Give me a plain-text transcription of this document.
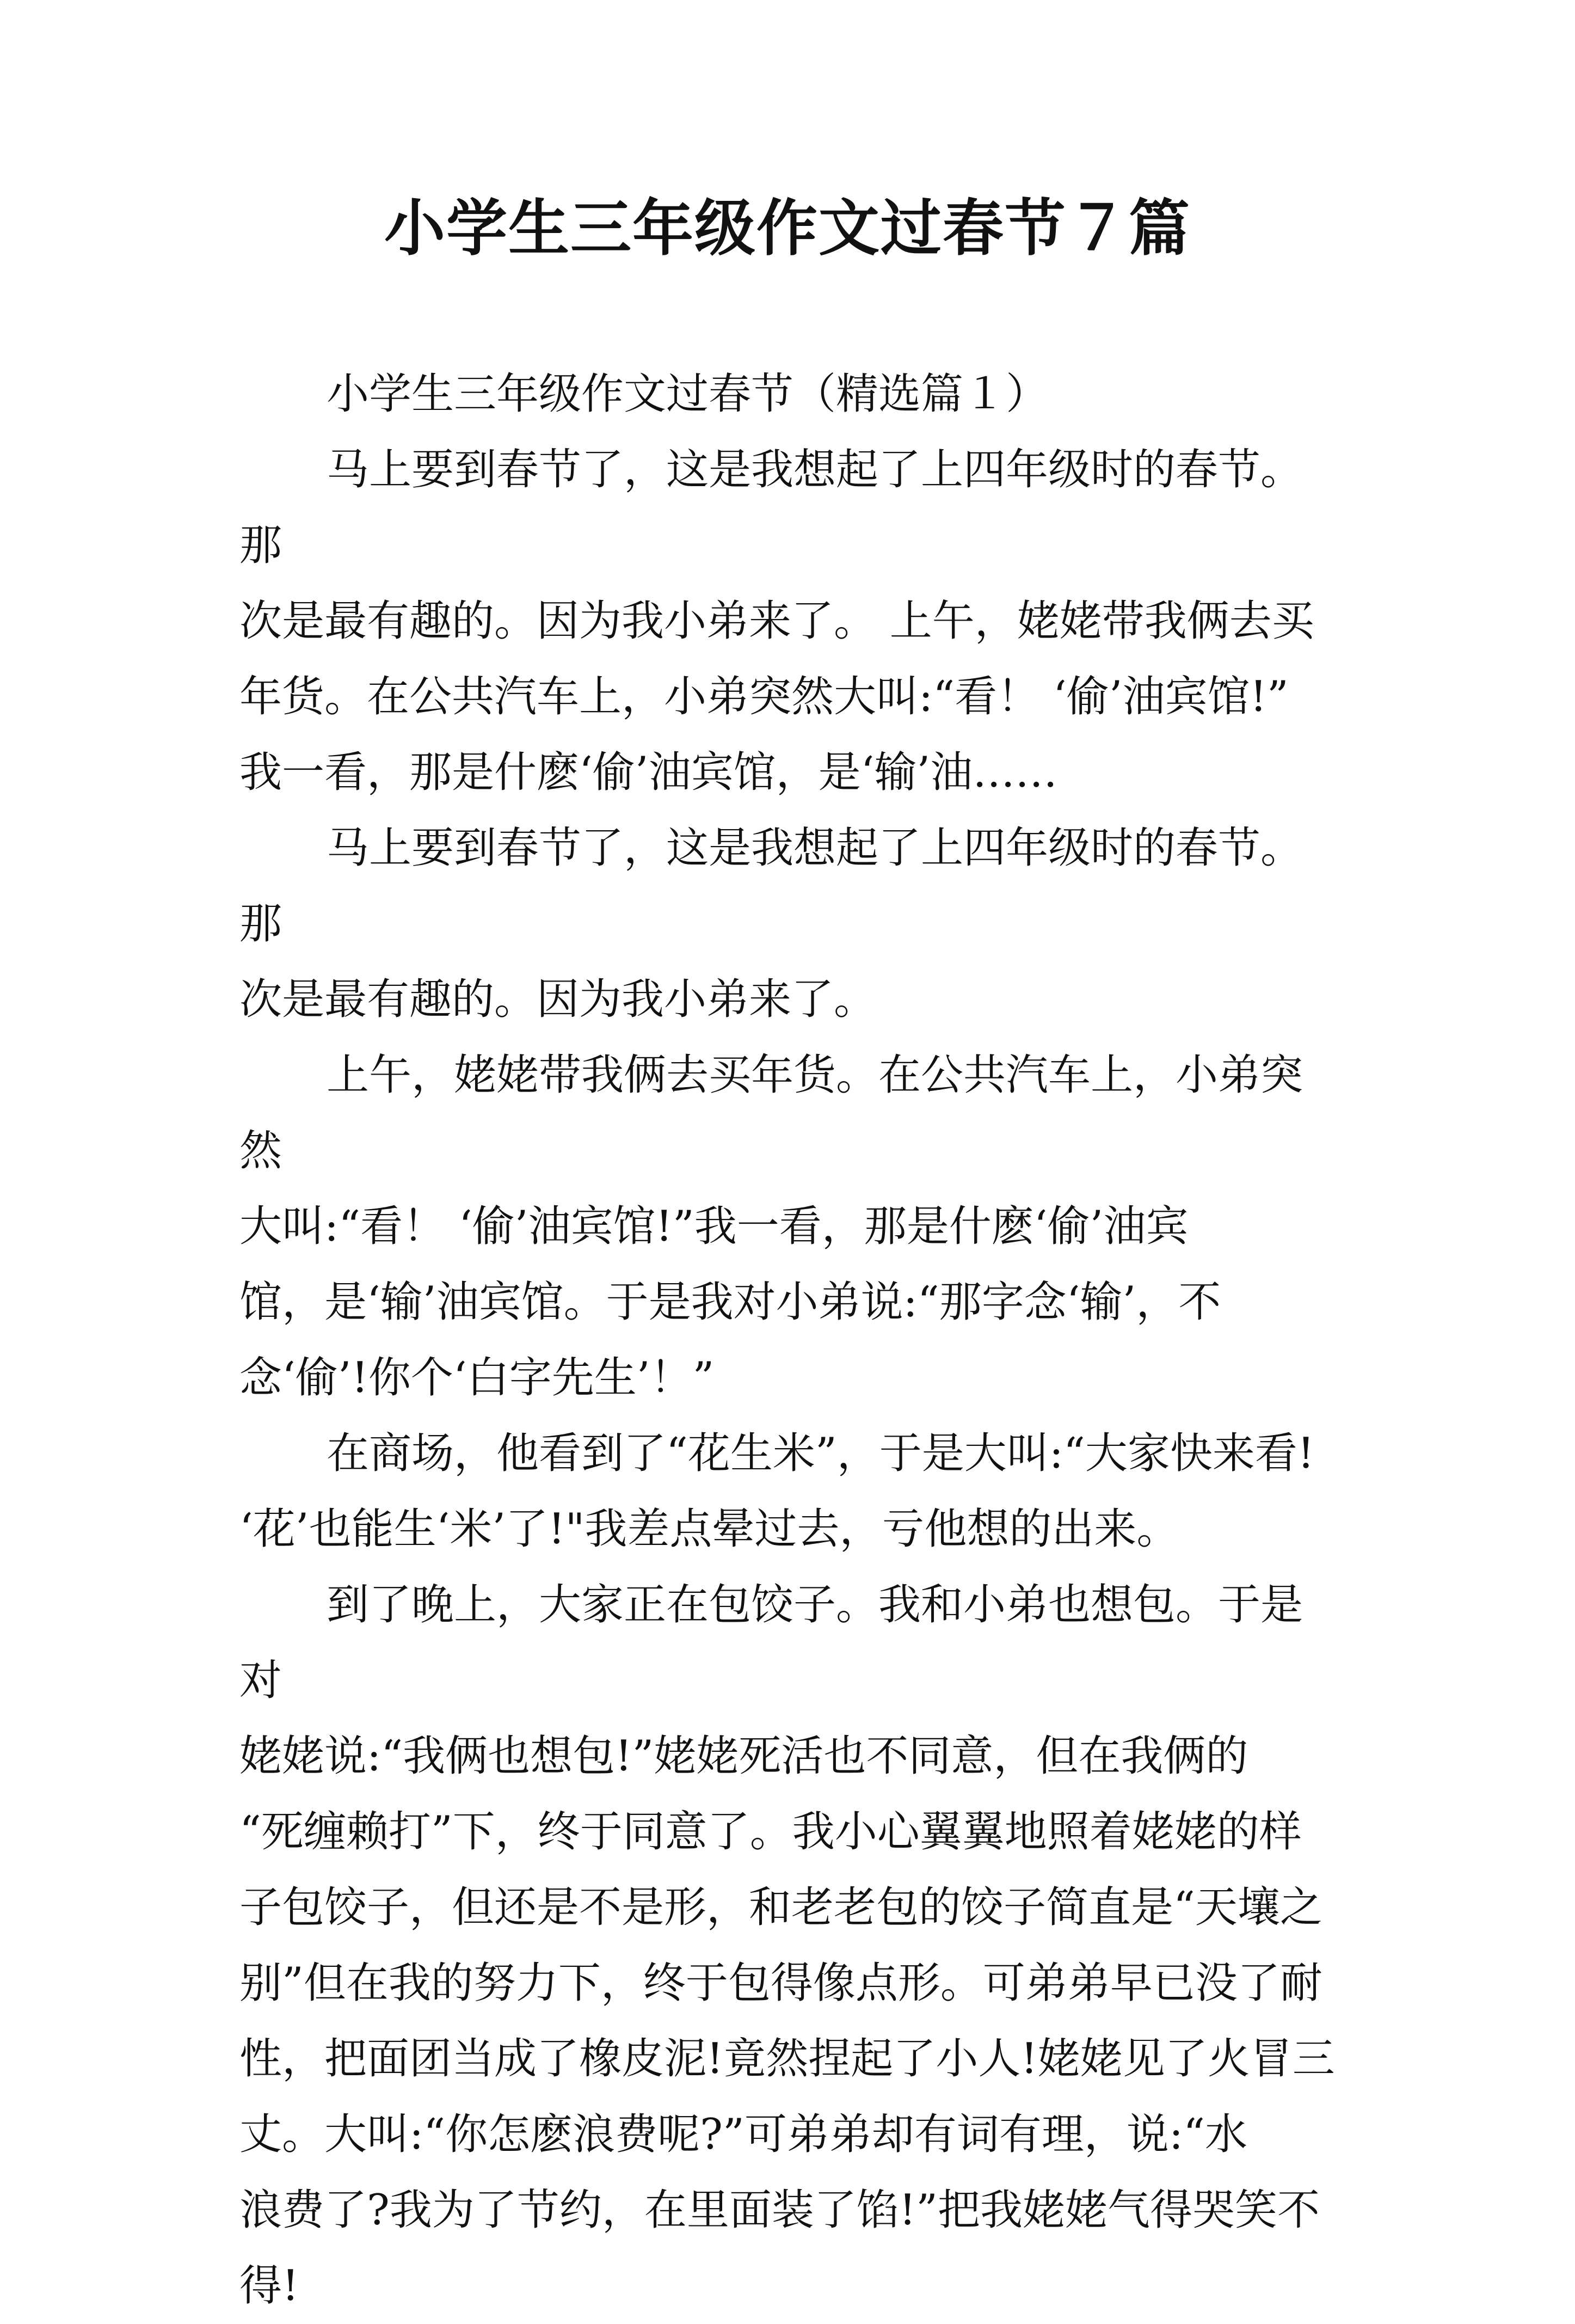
小学生三年级作文过春节７篇

小学生三年级作文过春节（精选篇１）

马上要到春节了，这是我想起了上四年级时的春节。那
次是最有趣的。因为我小弟来了。 上午，姥姥带我俩去买
年货。在公共汽车上，小弟突然大叫:“看！ ‘偷’油宾馆!”
我一看，那是什麽‘偷’油宾馆，是‘输’油……

马上要到春节了，这是我想起了上四年级时的春节。那
次是最有趣的。因为我小弟来了。

上午，姥姥带我俩去买年货。在公共汽车上，小弟突然
大叫:“看！ ‘偷’油宾馆!”我一看，那是什麽‘偷’油宾
馆，是‘输’油宾馆。于是我对小弟说:“那字念‘输’，不
念‘偷’!你个‘白字先生’！”

在商场，他看到了“花生米”，于是大叫:“大家快来看!
‘花’也能生‘米’了!"我差点晕过去，亏他想的出来。

到了晚上，大家正在包饺子。我和小弟也想包。于是对
姥姥说:“我俩也想包!”姥姥死活也不同意，但在我俩的
“死缠赖打”下，终于同意了。我小心翼翼地照着姥姥的样
子包饺子，但还是不是形，和老老包的饺子简直是“天壤之
别”但在我的努力下，终于包得像点形。可弟弟早已没了耐
性，把面团当成了橡皮泥!竟然捏起了小人!姥姥见了火冒三
丈。大叫:“你怎麽浪费呢?”可弟弟却有词有理，说:“水
浪费了?我为了节约，在里面装了馅!”把我姥姥气得哭笑不
得!
